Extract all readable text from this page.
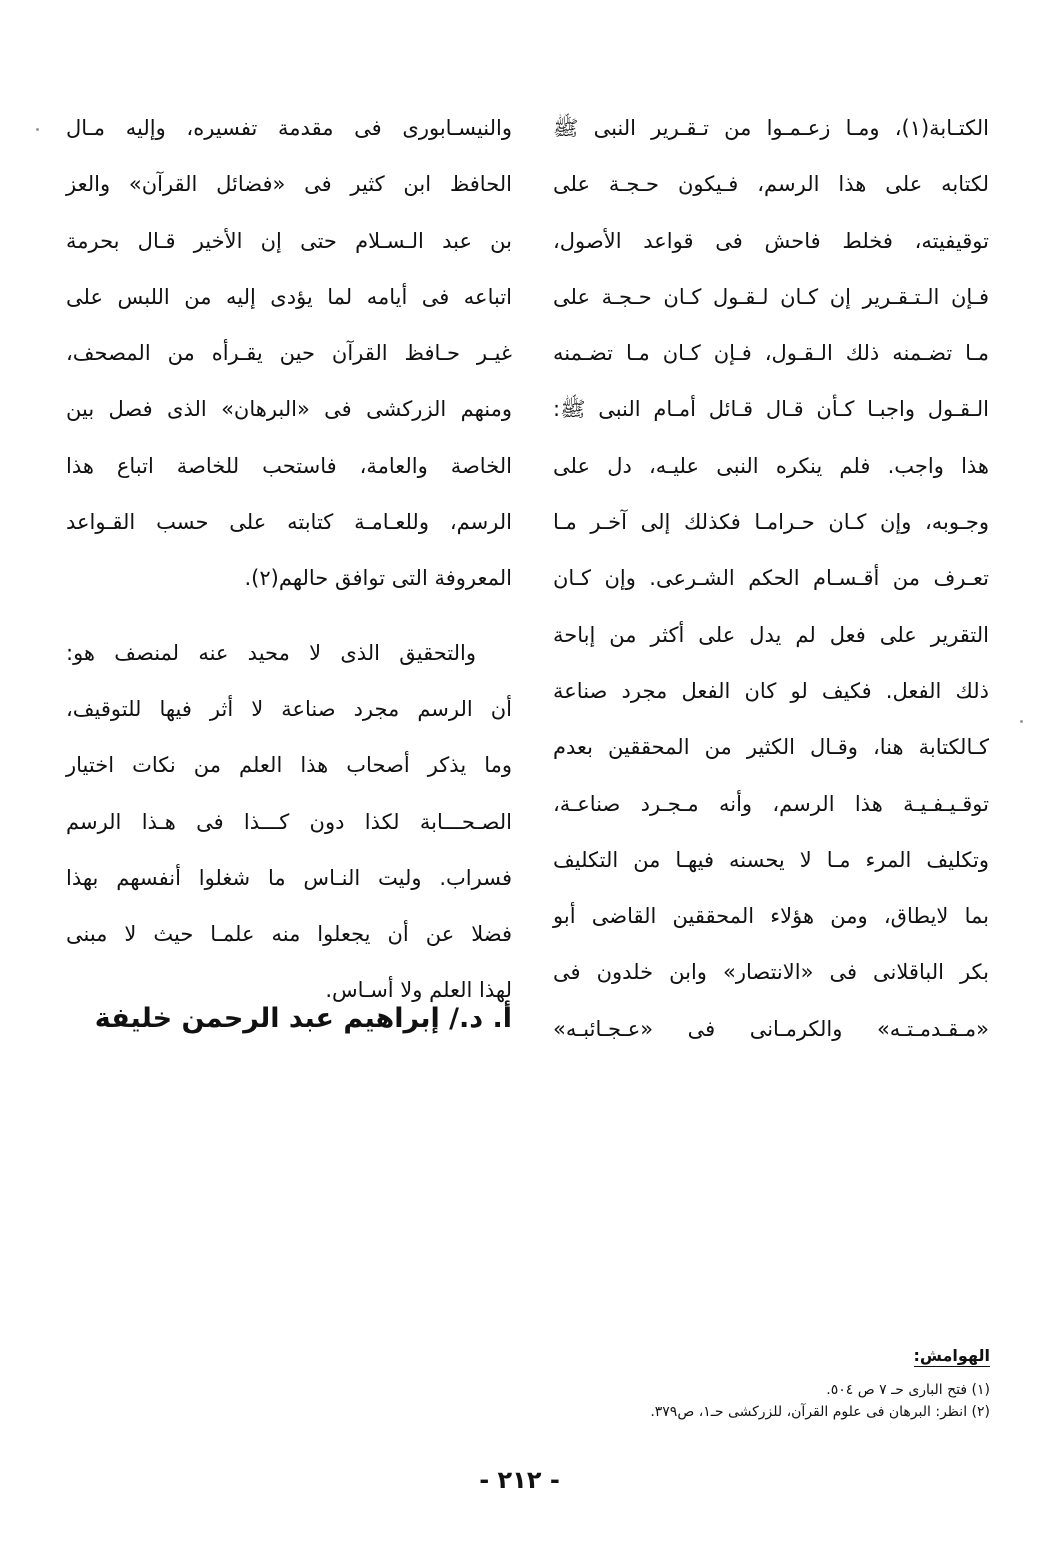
الكتـابة(١)، ومـا زعـمـوا من تـقـرير النبى ﷺ
لكتابه على هذا الرسم، فـيكون حـجـة على
توقيفيته، فخلط فاحش فى قواعد الأصول،
فـإن الـتـقـرير إن كـان لـقـول كـان حـجـة على
مـا تضـمنه ذلك الـقـول، فـإن كـان مـا تضـمنه
الـقـول واجبـا كـأن قـال قـائل أمـام النبى ﷺ:
هذا واجب. فلم ينكره النبى عليـه، دل على
وجـوبه، وإن كـان حـرامـا فكذلك إلى آخـر مـا
تعـرف من أقـسـام الحكم الشـرعى. وإن كـان
التقرير على فعل لم يدل على أكثر من إباحة
ذلك الفعل. فكيف لو كان الفعل مجرد صناعة
كـالكتابة هنا، وقـال الكثير من المحققين بعدم
توقـيـفـيـة هذا الرسم، وأنه مـجـرد صناعـة،
وتكليف المرء مـا لا يحسنه فيهـا من التكليف
بما لايطاق، ومن هؤلاء المحققين القاضى أبو
بكر الباقلانى فى «الانتصار» وابن خلدون فى
«مـقـدمـتـه» والكرمـانى فى «عـجـائبـه»
والنيسـابورى فى مقدمة تفسيره، وإليه مـال
الحافظ ابن كثير فى «فضائل القرآن» والعز
بن عبد الـسـلام حتى إن الأخير قـال بحرمة
اتباعه فى أيامه لما يؤدى إليه من اللبس على
غيـر حـافظ القرآن حين يقـرأه من المصحف،
ومنهم الزركشى فى «البرهان» الذى فصل بين
الخاصة والعامة، فاستحب للخاصة اتباع هذا
الرسم، وللعـامـة كتابته على حسب القـواعد
المعروفة التى توافق حالهم(٢).
والتحقيق الذى لا محيد عنه لمنصف هو:
أن الرسم مجرد صناعة لا أثر فيها للتوقيف،
وما يذكر أصحاب هذا العلم من نكات اختيار
الصـحـــابة لكذا دون كـــذا فى هـذا الرسم
فسراب. وليت النـاس ما شغلوا أنفسهم بهذا
فضلا عن أن يجعلوا منه علمـا حيث لا مبنى
لهذا العلم ولا أسـاس.
أ. د./ إبراهيم عبد الرحمن خليفة
الهوامش:
(١) فتح البارى حـ ٧ ص ٥٠٤.
(٢) انظر: البرهان فى علوم القرآن، للزركشى حـ١، ص٣٧٩.
- ٢١٢ -
